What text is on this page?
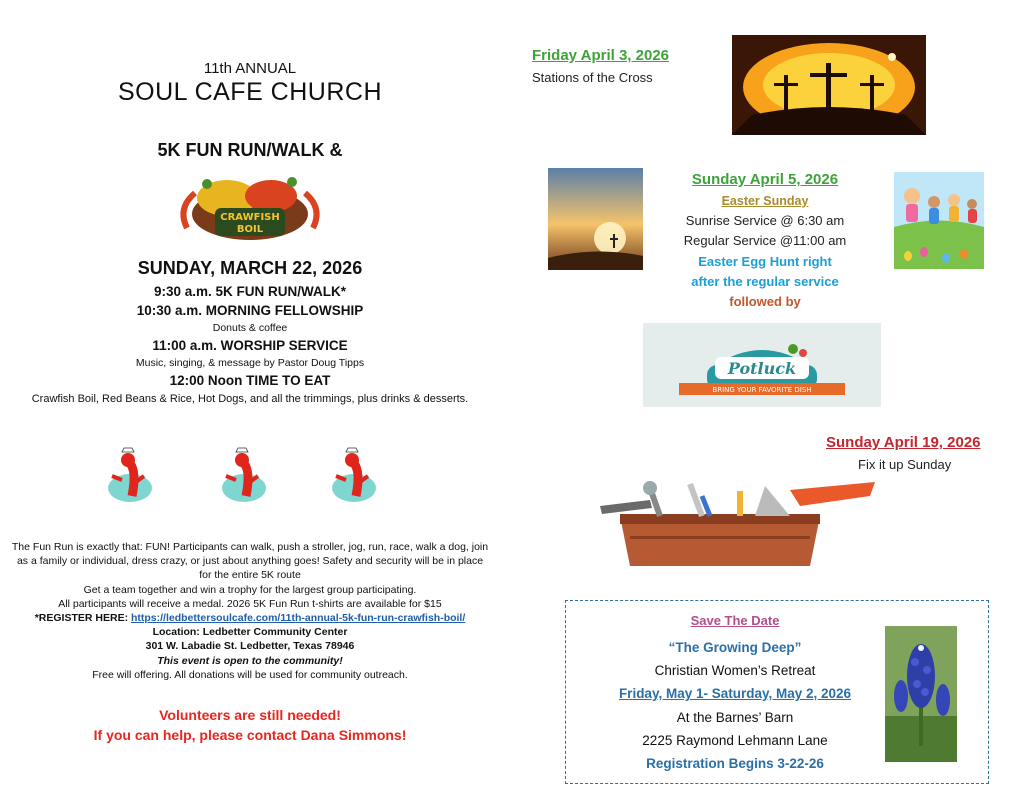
11th ANNUAL
SOUL CAFE CHURCH
5K FUN RUN/WALK &
CRAWFISH
BOIL
SUNDAY, MARCH 22, 2026
9:30 a.m. 5K FUN RUN/WALK*
10:30 a.m. MORNING FELLOWSHIP
Donuts & coffee
11:00 a.m. WORSHIP SERVICE
Music, singing, & message by Pastor Doug Tipps
12:00 Noon TIME TO EAT
Crawfish Boil, Red Beans & Rice, Hot Dogs, and all the trimmings, plus drinks & desserts.
The Fun Run is exactly that: FUN! Participants can walk, push a stroller, jog, run, race, walk a dog, join as a family or individual, dress crazy, or just about anything goes! Safety and security will be in place for the entire 5K route
Get a team together and win a trophy for the largest group participating.
All participants will receive a medal. 2026 5K Fun Run t-shirts are available for $15
*REGISTER HERE: https://ledbettersoulcafe.com/11th-annual-5k-fun-run-crawfish-boil/
Location: Ledbetter Community Center
301 W. Labadie St. Ledbetter, Texas 78946
This event is open to the community!
Free will offering. All donations will be used for community outreach.
Volunteers are still needed!
If you can help, please contact Dana Simmons!
Friday April 3, 2026
Stations of the Cross
Sunday April 5, 2026
Easter Sunday
Sunrise Service @ 6:30 am
Regular Service @11:00 am
Easter Egg Hunt right
after the regular service
followed by
Potluck
BRING YOUR FAVORITE DISH
Sunday April 19, 2026
Fix it up Sunday
Save The Date
“The Growing Deep”
Christian Women’s Retreat
Friday, May 1- Saturday, May 2, 2026
At the Barnes’ Barn
2225 Raymond Lehmann Lane
Registration Begins 3-22-26
